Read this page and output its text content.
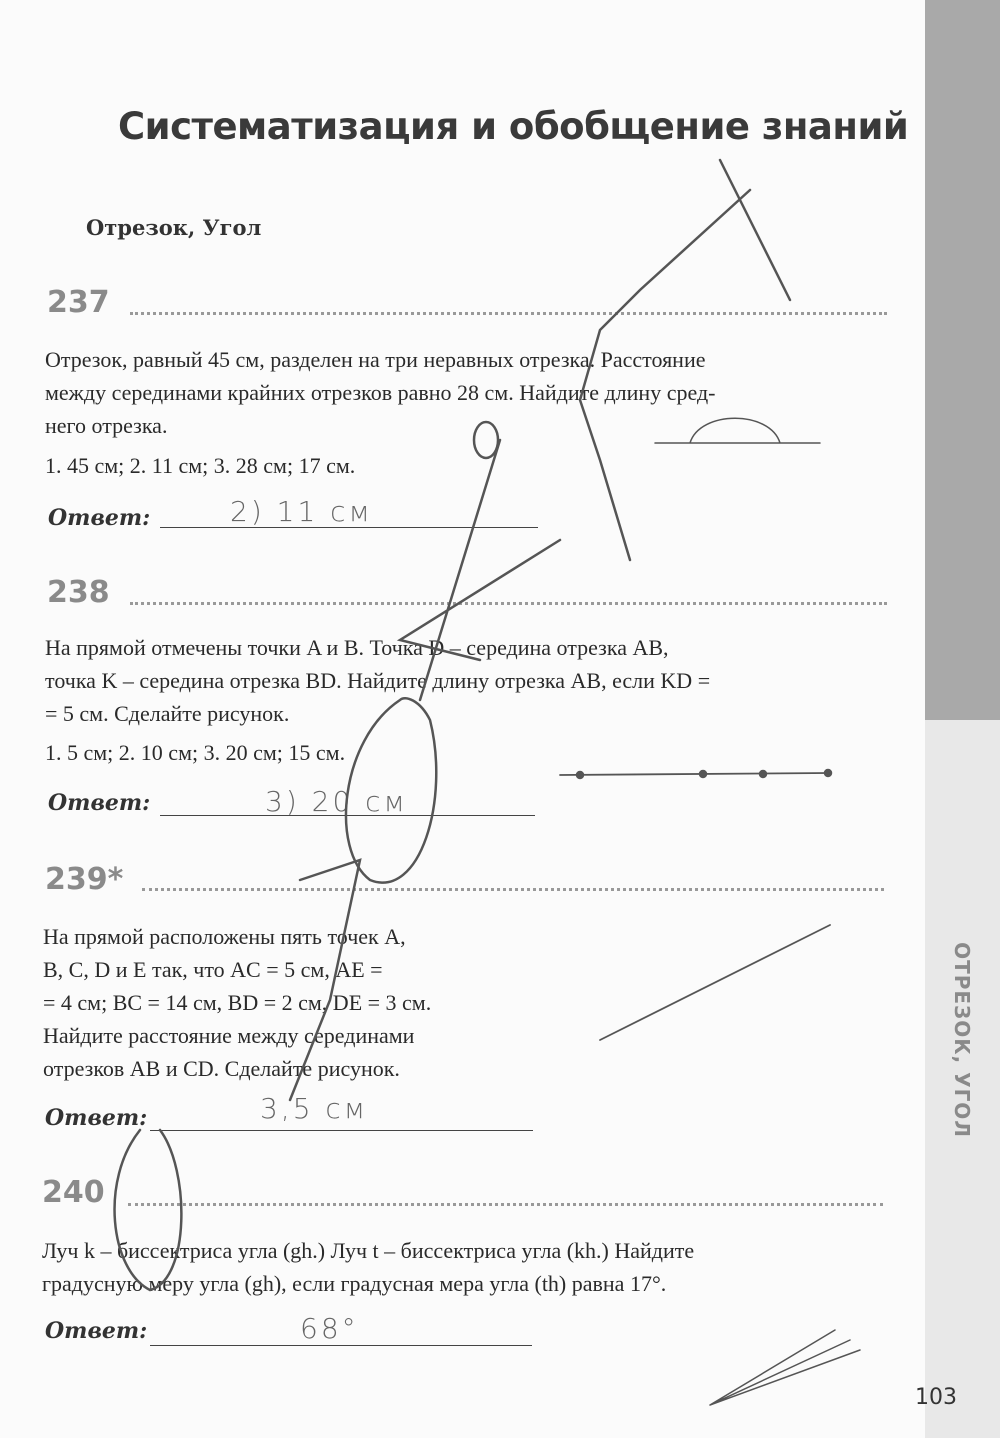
ОТРЕЗОК, УГОЛ
Систематизация и обобщение знаний
Отрезок, Угол
237
Отрезок, равный 45 см, разделен на три неравных отрезка. Расстояние
между серединами крайних отрезков равно 28 см. Найдите длину сред-
него отрезка.
1. 45 см; 2. 11 см; 3. 28 см; 17 см.
Ответ:	2) 11 см
238
На прямой отмечены точки A и B. Точка D – середина отрезка AB,
точка K – середина отрезка BD. Найдите длину отрезка AB, если KD =
= 5 см. Сделайте рисунок.
1. 5 см; 2. 10 см; 3. 20 см; 15 см.
Ответ:	3) 20 см
239*
На прямой расположены пять точек A,
B, C, D и E так, что AC = 5 см, AE =
= 4 см; BC = 14 см, BD = 2 см, DE = 3 см.
Найдите расстояние между серединами
отрезков AB и CD. Сделайте рисунок.
Ответ:	3,5 см
240
Луч k – биссектриса угла (gh.) Луч t – биссектриса угла (kh.) Найдите
градусную меру угла (gh), если градусная мера угла (th) равна 17°.
Ответ:	68°
103
